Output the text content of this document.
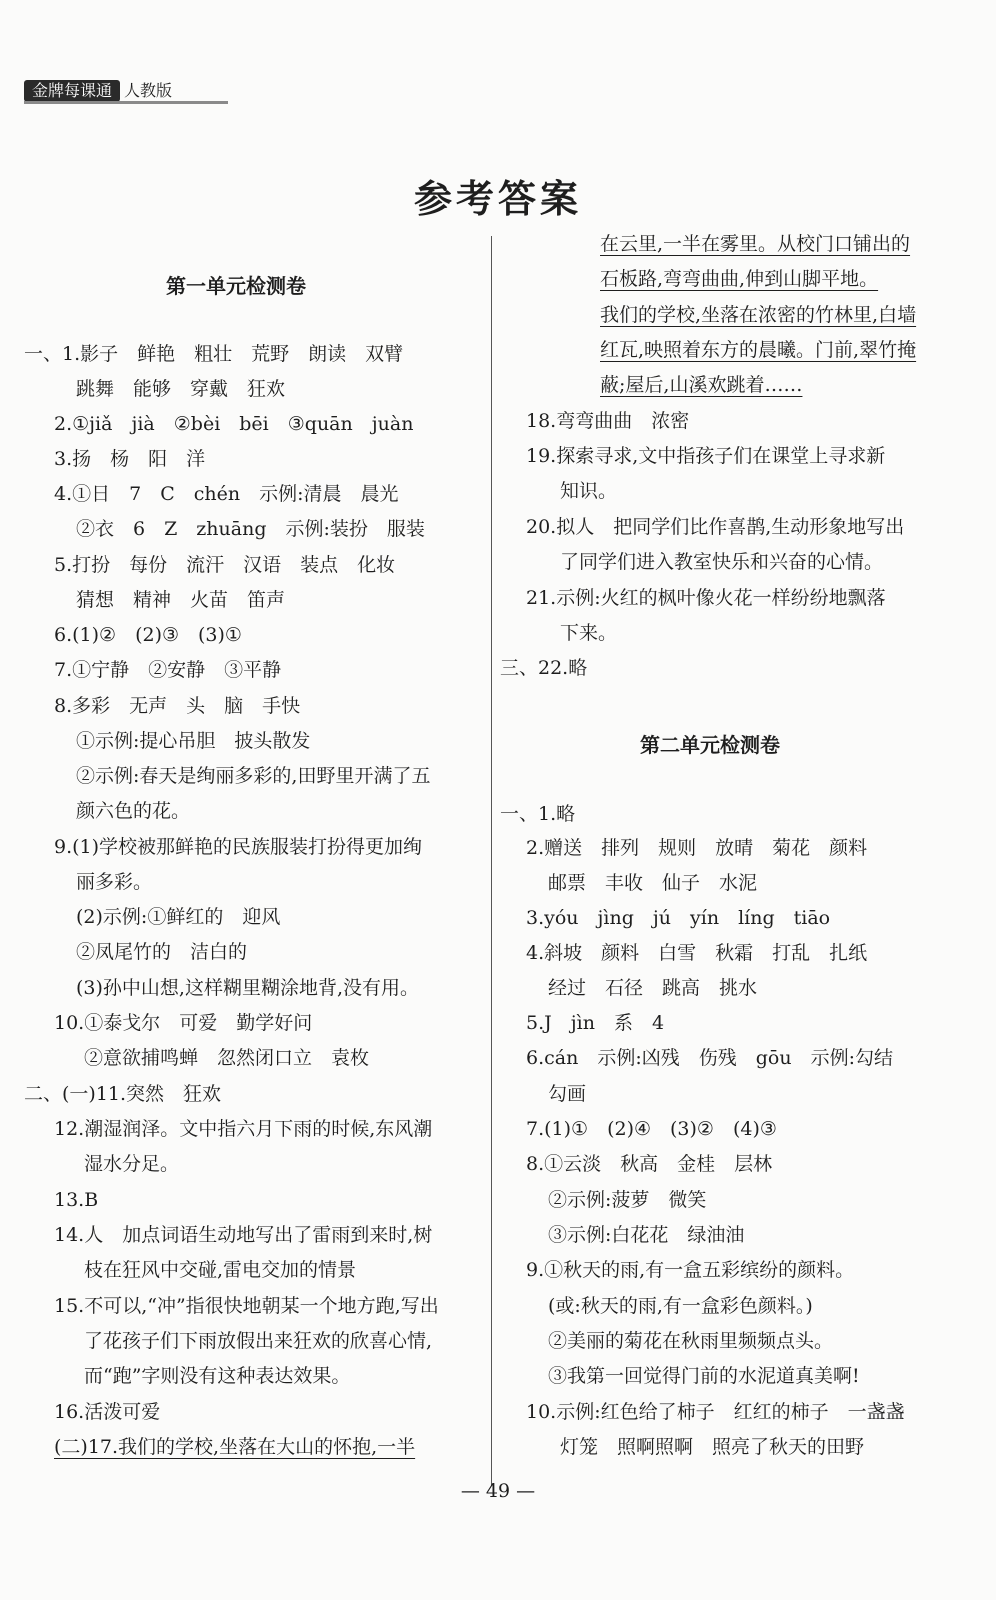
金牌每课通 人教版
参考答案
第一单元检测卷
一、1.影子　鲜艳　粗壮　荒野　朗读　双臂
跳舞　能够　穿戴　狂欢
2.①jiǎ　jià　②bèi　bēi　③quān　juàn
3.扬　杨　阳　洋
4.①日　7　C　chén　示例:清晨　晨光
②衣　6　Z　zhuāng　示例:装扮　服装
5.打扮　每份　流汗　汉语　装点　化妆
猜想　精神　火苗　笛声
6.(1)②　(2)③　(3)①
7.①宁静　②安静　③平静
8.多彩　无声　头　脑　手快
①示例:提心吊胆　披头散发
②示例:春天是绚丽多彩的,田野里开满了五
颜六色的花。
9.(1)学校被那鲜艳的民族服装打扮得更加绚
丽多彩。
(2)示例:①鲜红的　迎风
②凤尾竹的　洁白的
(3)孙中山想,这样糊里糊涂地背,没有用。
10.①泰戈尔　可爱　勤学好问
②意欲捕鸣蝉　忽然闭口立　袁枚
二、(一)11.突然　狂欢
12.潮湿润泽。文中指六月下雨的时候,东风潮
湿水分足。
13.B
14.人　加点词语生动地写出了雷雨到来时,树
枝在狂风中交碰,雷电交加的情景
15.不可以,“冲”指很快地朝某一个地方跑,写出
了花孩子们下雨放假出来狂欢的欣喜心情,
而“跑”字则没有这种表达效果。
16.活泼可爱
(二)17.我们的学校,坐落在大山的怀抱,一半
在云里,一半在雾里。从校门口铺出的
石板路,弯弯曲曲,伸到山脚平地。
我们的学校,坐落在浓密的竹林里,白墙
红瓦,映照着东方的晨曦。门前,翠竹掩
蔽;屋后,山溪欢跳着……
18.弯弯曲曲　浓密
19.探索寻求,文中指孩子们在课堂上寻求新
知识。
20.拟人　把同学们比作喜鹊,生动形象地写出
了同学们进入教室快乐和兴奋的心情。
21.示例:火红的枫叶像火花一样纷纷地飘落
下来。
三、22.略
第二单元检测卷
一、1.略
2.赠送　排列　规则　放晴　菊花　颜料
邮票　丰收　仙子　水泥
3.yóu　jìng　jú　yín　líng　tiāo
4.斜坡　颜料　白雪　秋霜　打乱　扎纸
经过　石径　跳高　挑水
5.J　jìn　系　4
6.cán　示例:凶残　伤残　gōu　示例:勾结
勾画
7.(1)①　(2)④　(3)②　(4)③
8.①云淡　秋高　金桂　层林
②示例:菠萝　微笑
③示例:白花花　绿油油
9.①秋天的雨,有一盒五彩缤纷的颜料。
(或:秋天的雨,有一盒彩色颜料。)
②美丽的菊花在秋雨里频频点头。
③我第一回觉得门前的水泥道真美啊!
10.示例:红色给了柿子　红红的柿子　一盏盏
灯笼　照啊照啊　照亮了秋天的田野
— 49 —
